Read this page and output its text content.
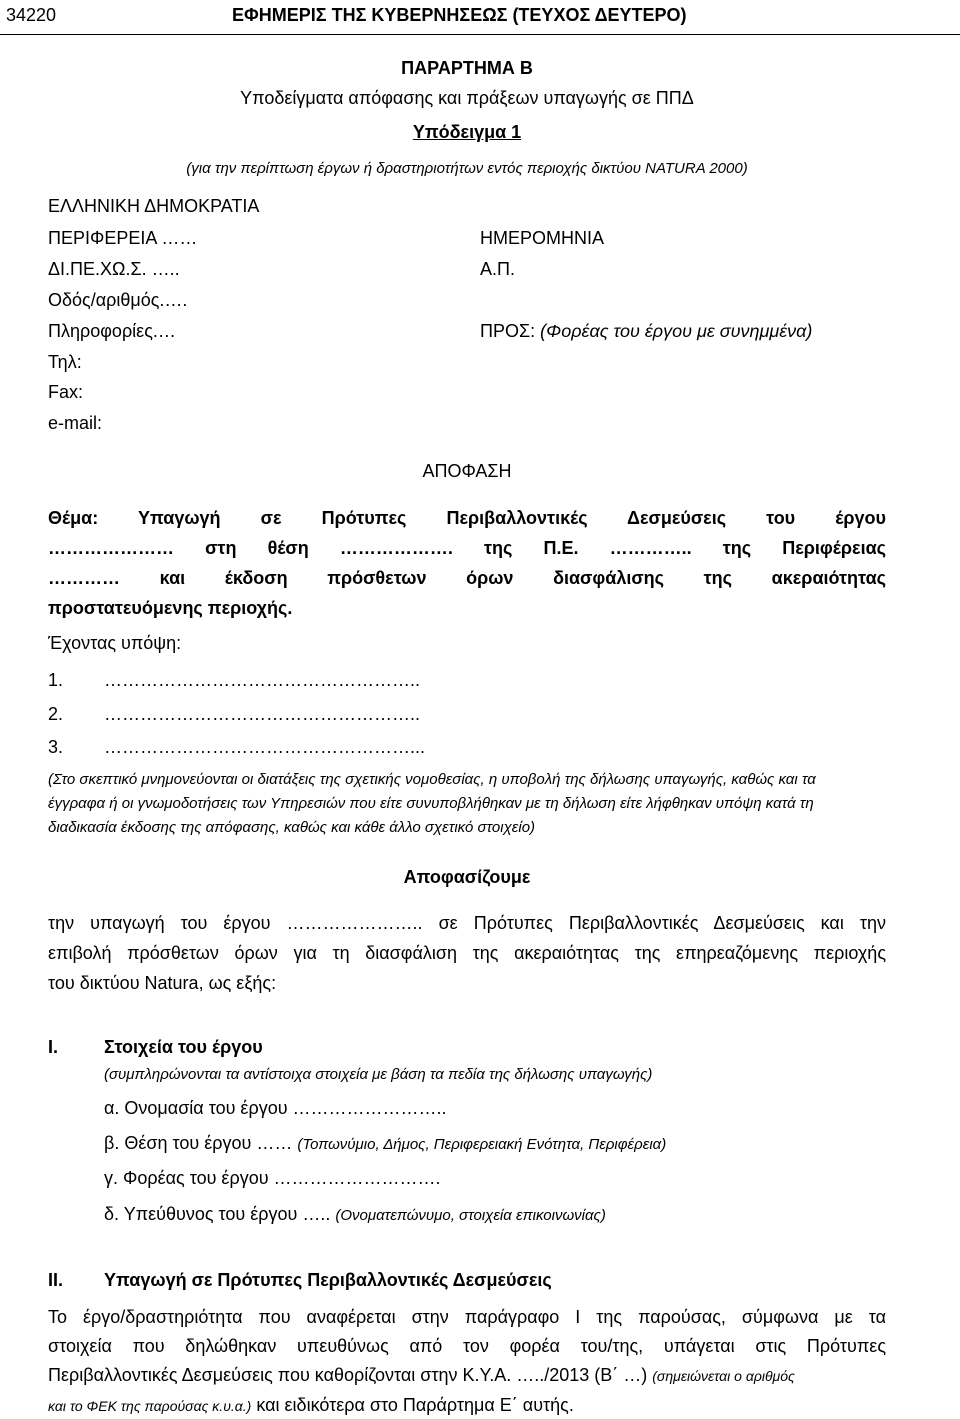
34220	ΕΦΗΜΕΡΙΣ ΤΗΣ ΚΥΒΕΡΝΗΣΕΩΣ (ΤΕΥΧΟΣ ΔΕΥΤΕΡΟ)
ΠΑΡΑΡΤΗΜΑ Β
Υποδείγματα απόφασης και πράξεων υπαγωγής σε ΠΠΔ
Υπόδειγμα 1
(για την περίπτωση έργων ή δραστηριοτήτων εντός περιοχής δικτύου NATURA 2000)
ΕΛΛΗΝΙΚΗ ΔΗΜΟΚΡΑΤΙΑ
ΠΕΡΙΦΕΡΕΙΑ ……
ΔΙ.ΠΕ.ΧΩ.Σ. …..
Οδός/αριθμός.….
Πληροφορίες.…
Τηλ:
Fax:
e-mail:
ΗΜΕΡΟΜΗΝΙΑ
Α.Π.
ΠΡΟΣ: (Φορέας του έργου με συνημμένα)
ΑΠΟΦΑΣΗ
Θέμα: Υπαγωγή σε Πρότυπες Περιβαλλοντικές Δεσμεύσεις του έργου
………………… στη θέση ………………. της Π.Ε. ………….. της Περιφέρειας
………… και έκδοση πρόσθετων όρων διασφάλισης της ακεραιότητας
προστατευόμενης περιοχής.
Έχοντας υπόψη:
1. ……………………………………………..
2. ……………………………………………..
3. ……………………………………………...
(Στο σκεπτικό μνημονεύονται οι διατάξεις της σχετικής νομοθεσίας, η υποβολή της δήλωσης υπαγωγής, καθώς και τα
έγγραφα ή οι γνωμοδοτήσεις των Υπηρεσιών που είτε συνυποβλήθηκαν με τη δήλωση είτε λήφθηκαν υπόψη κατά τη
διαδικασία έκδοσης της απόφασης, καθώς και κάθε άλλο σχετικό στοιχείο)
Αποφασίζουμε
την υπαγωγή του έργου ………………….. σε Πρότυπες Περιβαλλοντικές Δεσμεύσεις και την
επιβολή πρόσθετων όρων για τη διασφάλιση της ακεραιότητας της επηρεαζόμενης περιοχής
του δικτύου Natura, ως εξής:
Ι.	Στοιχεία του έργου
(συμπληρώνονται τα αντίστοιχα στοιχεία με βάση τα πεδία της δήλωσης υπαγωγής)
α. Ονομασία του έργου ……………………..
β. Θέση του έργου …… (Τοπωνύμιο, Δήμος, Περιφερειακή Ενότητα, Περιφέρεια)
γ. Φορέας του έργου ……………………….
δ. Υπεύθυνος του έργου ….. (Ονοματεπώνυμο, στοιχεία επικοινωνίας)
ΙΙ. Υπαγωγή σε Πρότυπες Περιβαλλοντικές Δεσμεύσεις
Το έργο/δραστηριότητα που αναφέρεται στην παράγραφο Ι της παρούσας, σύμφωνα με τα
στοιχεία που δηλώθηκαν υπευθύνως από τον φορέα του/της, υπάγεται στις Πρότυπες
Περιβαλλοντικές Δεσμεύσεις που καθορίζονται στην Κ.Υ.Α. …../2013 (Β΄ …) (σημειώνεται ο αριθμός
και το ΦΕΚ της παρούσας κ.υ.α.) και ειδικότερα στο Παράρτημα Ε΄ αυτής.
